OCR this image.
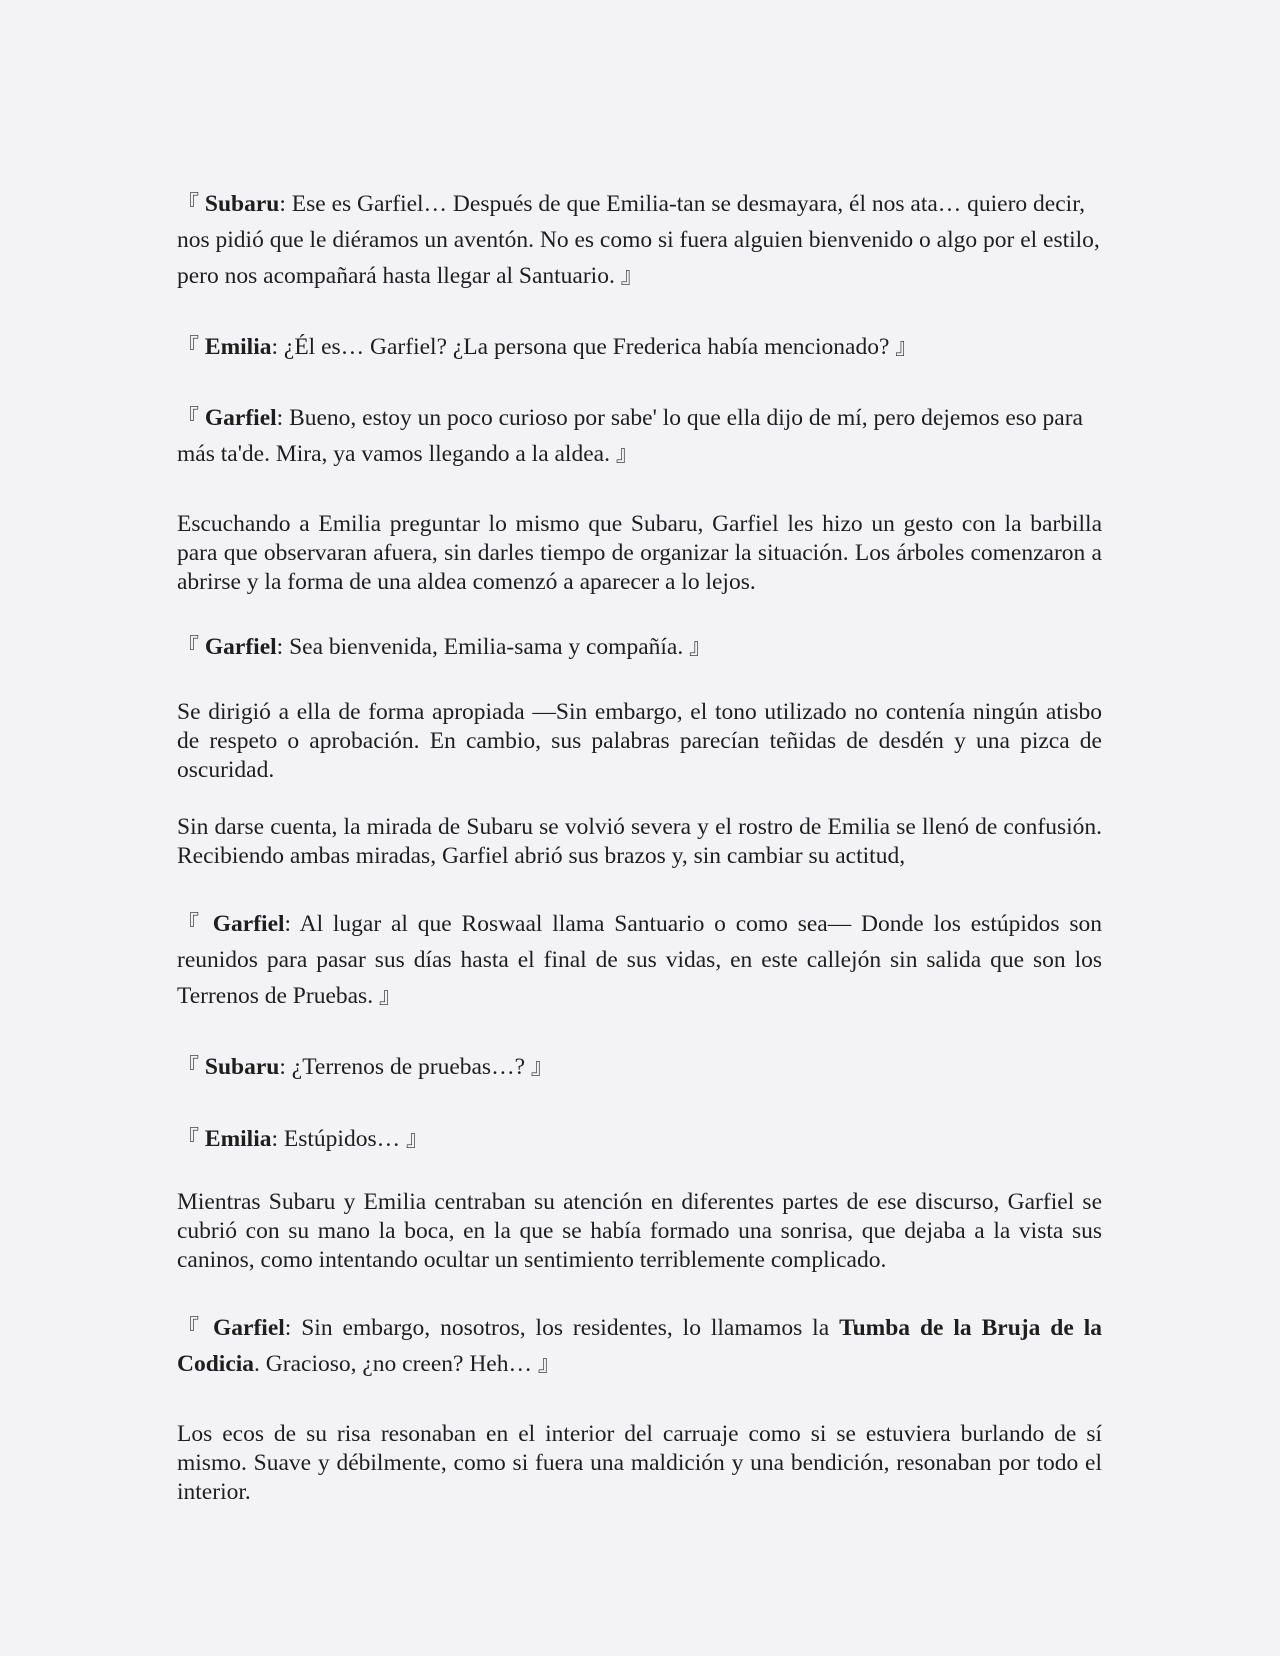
『 Subaru: Ese es Garfiel… Después de que Emilia-tan se desmayara, él nos ata… quiero decir, nos pidió que le diéramos un aventón. No es como si fuera alguien bienvenido o algo por el estilo, pero nos acompañará hasta llegar al Santuario. 』

『 Emilia: ¿Él es… Garfiel? ¿La persona que Frederica había mencionado? 』

『 Garfiel: Bueno, estoy un poco curioso por sabe' lo que ella dijo de mí, pero dejemos eso para más ta'de. Mira, ya vamos llegando a la aldea. 』

Escuchando a Emilia preguntar lo mismo que Subaru, Garfiel les hizo un gesto con la barbilla para que observaran afuera, sin darles tiempo de organizar la situación. Los árboles comenzaron a abrirse y la forma de una aldea comenzó a aparecer a lo lejos.

『 Garfiel: Sea bienvenida, Emilia-sama y compañía. 』

Se dirigió a ella de forma apropiada —Sin embargo, el tono utilizado no contenía ningún atisbo de respeto o aprobación. En cambio, sus palabras parecían teñidas de desdén y una pizca de oscuridad.

Sin darse cuenta, la mirada de Subaru se volvió severa y el rostro de Emilia se llenó de confusión. Recibiendo ambas miradas, Garfiel abrió sus brazos y, sin cambiar su actitud,

『 Garfiel: Al lugar al que Roswaal llama Santuario o como sea— Donde los estúpidos son reunidos para pasar sus días hasta el final de sus vidas, en este callejón sin salida que son los Terrenos de Pruebas. 』

『 Subaru: ¿Terrenos de pruebas…? 』

『 Emilia: Estúpidos… 』

Mientras Subaru y Emilia centraban su atención en diferentes partes de ese discurso, Garfiel se cubrió con su mano la boca, en la que se había formado una sonrisa, que dejaba a la vista sus caninos, como intentando ocultar un sentimiento terriblemente complicado.

『 Garfiel: Sin embargo, nosotros, los residentes, lo llamamos la Tumba de la Bruja de la Codicia. Gracioso, ¿no creen? Heh… 』

Los ecos de su risa resonaban en el interior del carruaje como si se estuviera burlando de sí mismo. Suave y débilmente, como si fuera una maldición y una bendición, resonaban por todo el interior.
